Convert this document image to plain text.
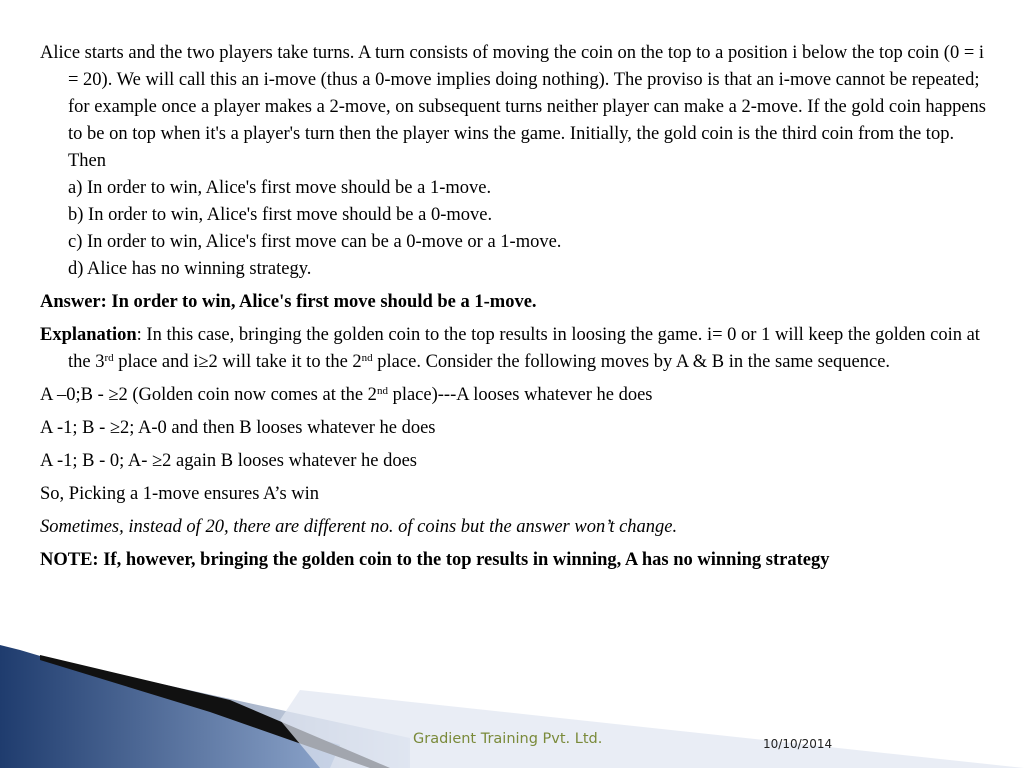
Alice starts and the two players take turns. A turn consists of moving the coin on the top to a position i below the top coin (0 = i = 20). We will call this an i-move (thus a 0-move implies doing nothing). The proviso is that an i-move cannot be repeated; for example once a player makes a 2-move, on subsequent turns neither player can make a 2-move. If the gold coin happens to be on top when it's a player's turn then the player wins the game. Initially, the gold coin is the third coin from the top. Then
a) In order to win, Alice's first move should be a 1-move.
b) In order to win, Alice's first move should be a 0-move.
c) In order to win, Alice's first move can be a 0-move or a 1-move.
d) Alice has no winning strategy.
Answer: In order to win, Alice's first move should be a 1-move.
Explanation: In this case, bringing the golden coin to the top results in loosing the game. i= 0 or 1 will keep the golden coin at the 3rd place and i≥2 will take it to the 2nd place. Consider the following moves by A & B in the same sequence.
A –0;B - ≥2 (Golden coin now comes at the 2nd place)---A looses whatever he does
A -1; B - ≥2; A-0 and then B looses whatever he does
A -1; B - 0; A- ≥2 again B looses whatever he does
So, Picking a 1-move ensures A’s win
Sometimes, instead of 20, there are different no. of coins but the answer won’t change.
NOTE: If, however, bringing the golden coin to the top results in winning, A has no winning strategy
Gradient Training Pvt. Ltd.	10/10/2014
